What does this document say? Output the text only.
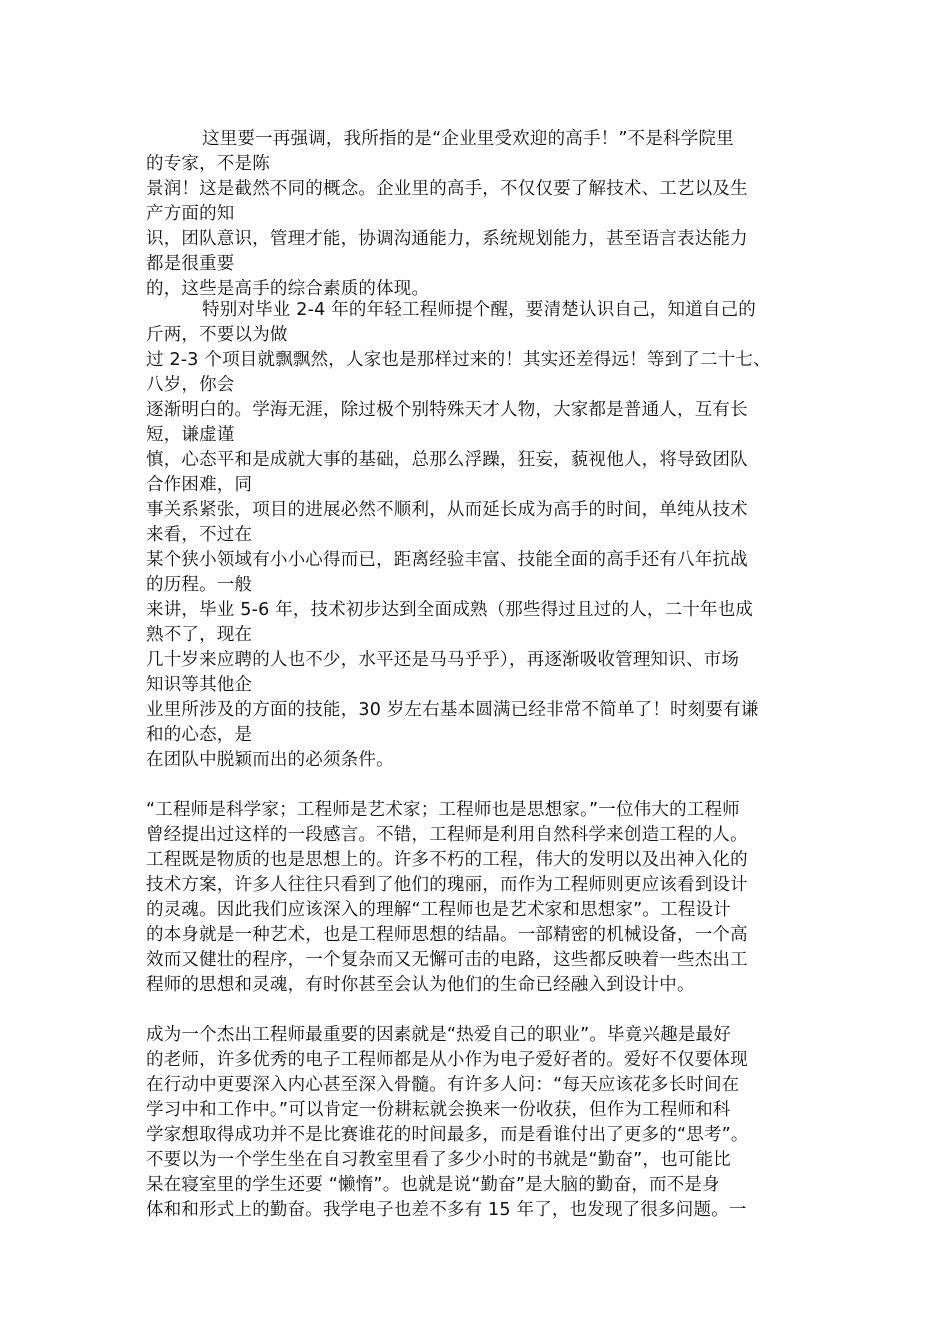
这里要一再强调，我所指的是“企业里受欢迎的高手！”不是科学院里
的专家，不是陈
景润！这是截然不同的概念。企业里的高手，不仅仅要了解技术、工艺以及生
产方面的知
识，团队意识，管理才能，协调沟通能力，系统规划能力，甚至语言表达能力
都是很重要
的，这些是高手的综合素质的体现。
特别对毕业 2-4 年的年轻工程师提个醒，要清楚认识自己，知道自己的
斤两，不要以为做
过 2-3 个项目就飘飘然，人家也是那样过来的！其实还差得远！等到了二十七、
八岁，你会
逐渐明白的。学海无涯，除过极个别特殊天才人物，大家都是普通人，互有长
短，谦虚谨
慎，心态平和是成就大事的基础，总那么浮躁，狂妄，藐视他人，将导致团队
合作困难，同
事关系紧张，项目的进展必然不顺利，从而延长成为高手的时间，单纯从技术
来看，不过在
某个狭小领域有小小心得而已，距离经验丰富、技能全面的高手还有八年抗战
的历程。一般
来讲，毕业 5-6 年，技术初步达到全面成熟（那些得过且过的人，二十年也成
熟不了，现在
几十岁来应聘的人也不少，水平还是马马乎乎），再逐渐吸收管理知识、市场
知识等其他企
业里所涉及的方面的技能，30 岁左右基本圆满已经非常不简单了！时刻要有谦
和的心态，是
在团队中脱颖而出的必须条件。
“工程师是科学家；工程师是艺术家；工程师也是思想家。”一位伟大的工程师
曾经提出过这样的一段感言。不错，工程师是利用自然科学来创造工程的人。
工程既是物质的也是思想上的。许多不朽的工程，伟大的发明以及出神入化的
技术方案，许多人往往只看到了他们的瑰丽，而作为工程师则更应该看到设计
的灵魂。因此我们应该深入的理解“工程师也是艺术家和思想家”。工程设计
的本身就是一种艺术，也是工程师思想的结晶。一部精密的机械设备，一个高
效而又健壮的程序，一个复杂而又无懈可击的电路，这些都反映着一些杰出工
程师的思想和灵魂，有时你甚至会认为他们的生命已经融入到设计中。
成为一个杰出工程师最重要的因素就是“热爱自己的职业”。毕竟兴趣是最好
的老师，许多优秀的电子工程师都是从小作为电子爱好者的。爱好不仅要体现
在行动中更要深入内心甚至深入骨髓。有许多人问：“每天应该花多长时间在
学习中和工作中。”可以肯定一份耕耘就会换来一份收获，但作为工程师和科
学家想取得成功并不是比赛谁花的时间最多，而是看谁付出了更多的“思考”。
不要以为一个学生坐在自习教室里看了多少小时的书就是“勤奋”，也可能比
呆在寝室里的学生还要 “懒惰”。也就是说“勤奋”是大脑的勤奋，而不是身
体和和形式上的勤奋。我学电子也差不多有 15 年了，也发现了很多问题。一
